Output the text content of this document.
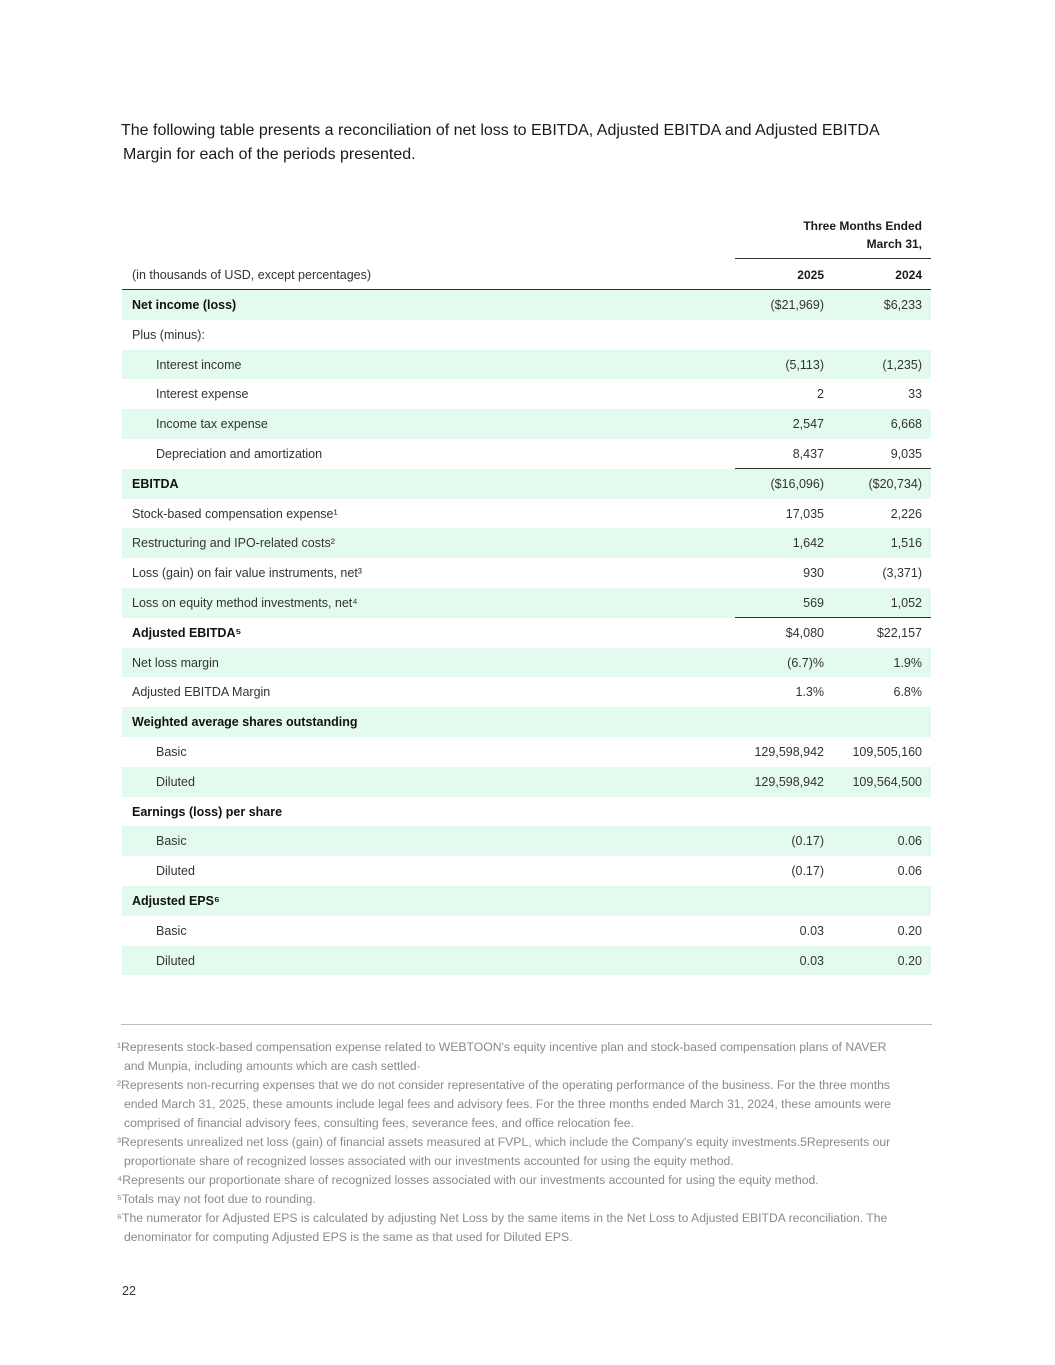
The following table presents a reconciliation of net loss to EBITDA, Adjusted EBITDA and Adjusted EBITDA
Margin for each of the periods presented.
Three Months Ended
March 31,
(in thousands of USD, except percentages)	2025	2024
Net income (loss)	($21,969)	$6,233
Plus (minus):
Interest income	(5,113)	(1,235)
Interest expense	2	33
Income tax expense	2,547	6,668
Depreciation and amortization	8,437	9,035
EBITDA	($16,096)	($20,734)
Stock-based compensation expense¹	17,035	2,226
Restructuring and IPO-related costs²	1,642	1,516
Loss (gain) on fair value instruments, net³	930	(3,371)
Loss on equity method investments, net⁴	569	1,052
Adjusted EBITDA⁵	$4,080	$22,157
Net loss margin	(6.7)%	1.9%
Adjusted EBITDA Margin	1.3%	6.8%
Weighted average shares outstanding
Basic	129,598,942 109,505,160
Diluted	129,598,942 109,564,500
Earnings (loss) per share
Basic	(0.17)	0.06
Diluted	(0.17)	0.06
Adjusted EPS⁶
Basic	0.03	0.20
Diluted	0.03	0.20
¹Represents stock-based compensation expense related to WEBTOON's equity incentive plan and stock-based compensation plans of NAVER
and Munpia, including amounts which are cash settled·
²Represents non-recurring expenses that we do not consider representative of the operating performance of the business. For the three months
ended March 31, 2025, these amounts include legal fees and advisory fees. For the three months ended March 31, 2024, these amounts were
comprised of financial advisory fees, consulting fees, severance fees, and office relocation fee.
³Represents unrealized net loss (gain) of financial assets measured at FVPL, which include the Company's equity investments.5Represents our
proportionate share of recognized losses associated with our investments accounted for using the equity method.
⁴Represents our proportionate share of recognized losses associated with our investments accounted for using the equity method.
⁵Totals may not foot due to rounding.
⁶The numerator for Adjusted EPS is calculated by adjusting Net Loss by the same items in the Net Loss to Adjusted EBITDA reconciliation. The
denominator for computing Adjusted EPS is the same as that used for Diluted EPS.
22
